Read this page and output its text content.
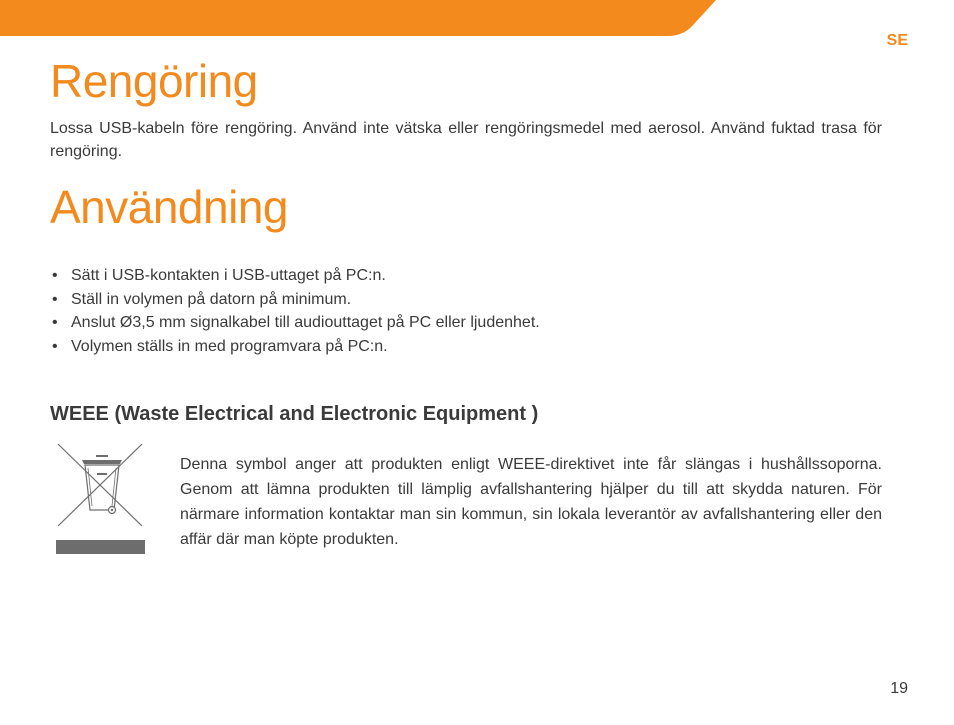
SE
Rengöring

Lossa USB-kabeln före rengöring. Använd inte vätska eller rengöringsmedel med aerosol. Använd fuktad trasa för rengöring.

Användning
• Sätt i USB-kontakten i USB-uttaget på PC:n.
• Ställ in volymen på datorn på minimum.
• Anslut Ø3,5 mm signalkabel till audiouttaget på PC eller ljudenhet.
• Volymen ställs in med programvara på PC:n.
WEEE (Waste Electrical and Electronic Equipment )

Denna symbol anger att produkten enligt WEEE-direktivet inte får slängas i hushållssoporna. Genom att lämna produkten till lämplig avfallshantering hjälper du till att skydda naturen. För närmare information kontaktar man sin kommun, sin lokala leverantör av avfallshantering eller den affär där man köpte produkten.

19
